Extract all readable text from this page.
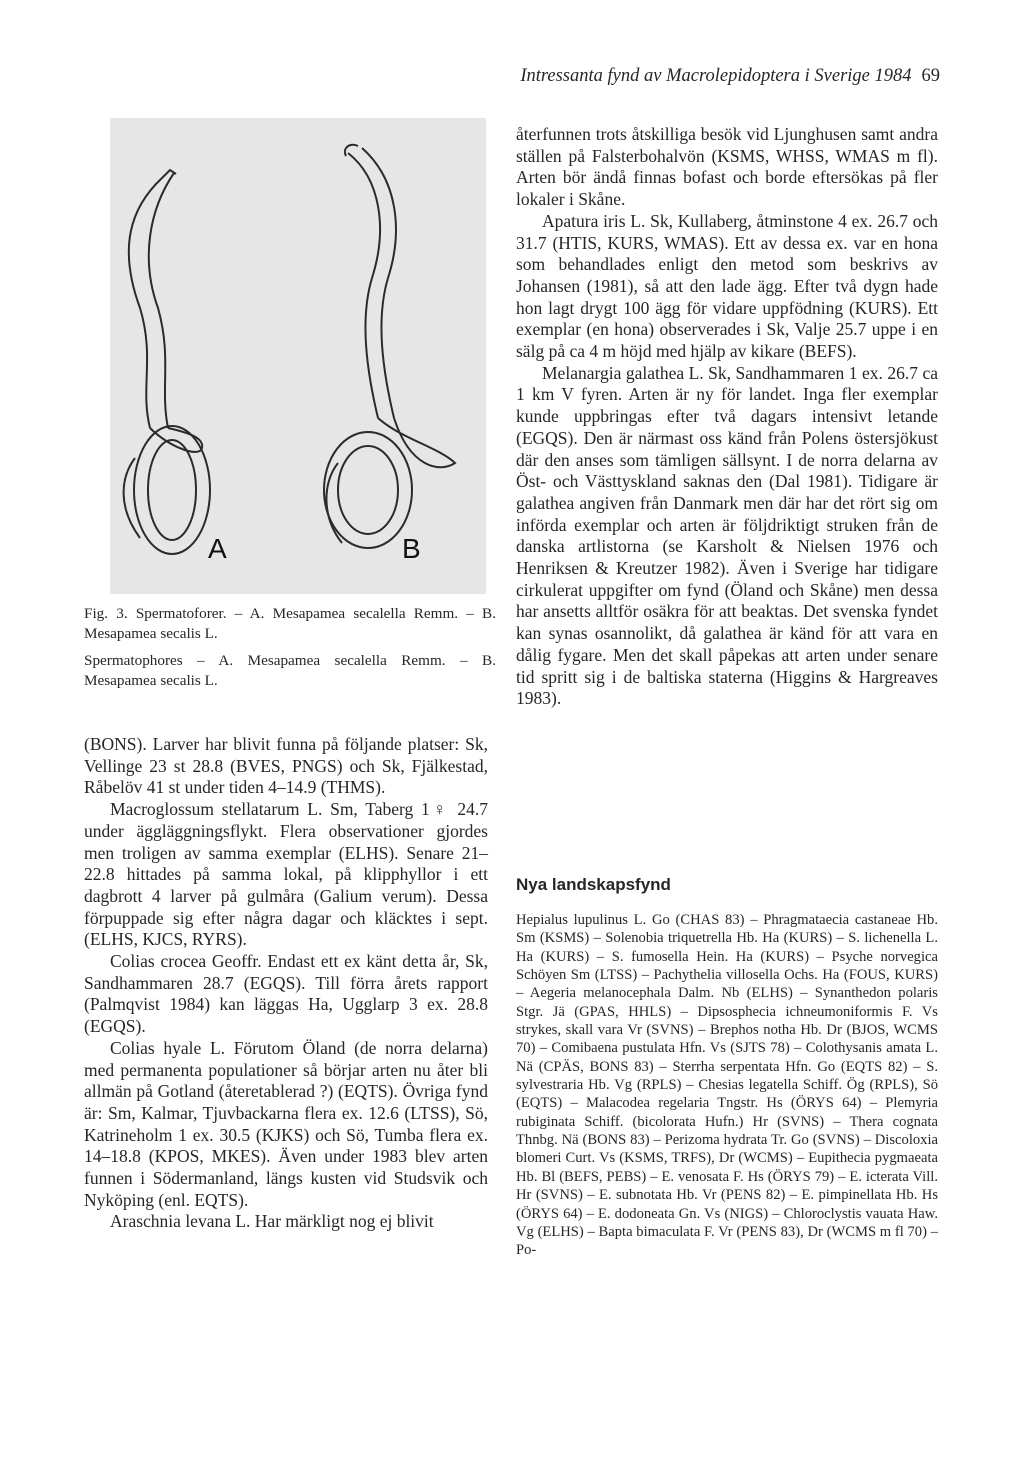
Intressanta fynd av Macrolepidoptera i Sverige 1984 69
A	B

Fig. 3. Spermatoforer. – A. Mesapamea secalella Remm. – B. Mesapamea secalis L.

Spermatophores – A. Mesapamea secalella Remm. – B. Mesapamea secalis L.

(BONS). Larver har blivit funna på följande platser: Sk, Vellinge 23 st 28.8 (BVES, PNGS) och Sk, Fjälkestad, Råbelöv 41 st under tiden 4–14.9 (THMS).

Macroglossum stellatarum L. Sm, Taberg 1♀ 24.7 under äggläggningsflykt. Flera observationer gjordes men troligen av samma exemplar (ELHS). Senare 21–22.8 hittades på samma lokal, på klipphyllor i ett dagbrott 4 larver på gulmåra (Galium verum). Dessa förpuppade sig efter några dagar och kläcktes i sept. (ELHS, KJCS, RYRS).

Colias crocea Geoffr. Endast ett ex känt detta år, Sk, Sandhammaren 28.7 (EGQS). Till förra årets rapport (Palmqvist 1984) kan läggas Ha, Ugglarp 3 ex. 28.8 (EGQS).

Colias hyale L. Förutom Öland (de norra delarna) med permanenta populationer så börjar arten nu åter bli allmän på Gotland (återetablerad ?) (EQTS). Övriga fynd är: Sm, Kalmar, Tjuvbackarna flera ex. 12.6 (LTSS), Sö, Katrineholm 1 ex. 30.5 (KJKS) och Sö, Tumba flera ex. 14–18.8 (KPOS, MKES). Även under 1983 blev arten funnen i Södermanland, längs kusten vid Studsvik och Nyköping (enl. EQTS).

Araschnia levana L. Har märkligt nog ej blivit

återfunnen trots åtskilliga besök vid Ljunghusen samt andra ställen på Falsterbohalvön (KSMS, WHSS, WMAS m fl). Arten bör ändå finnas bofast och borde eftersökas på fler lokaler i Skåne.

Apatura iris L. Sk, Kullaberg, åtminstone 4 ex. 26.7 och 31.7 (HTIS, KURS, WMAS). Ett av dessa ex. var en hona som behandlades enligt den metod som beskrivs av Johansen (1981), så att den lade ägg. Efter två dygn hade hon lagt drygt 100 ägg för vidare uppfödning (KURS). Ett exemplar (en hona) observerades i Sk, Valje 25.7 uppe i en sälg på ca 4 m höjd med hjälp av kikare (BEFS).

Melanargia galathea L. Sk, Sandhammaren 1 ex. 26.7 ca 1 km V fyren. Arten är ny för landet. Inga fler exemplar kunde uppbringas efter två dagars intensivt letande (EGQS). Den är närmast oss känd från Polens östersjökust där den anses som tämligen sällsynt. I de norra delarna av Öst- och Västtyskland saknas den (Dal 1981). Tidigare är galathea angiven från Danmark men där har det rört sig om införda exemplar och arten är följdriktigt struken från de danska artlistorna (se Karsholt & Nielsen 1976 och Henriksen & Kreutzer 1982). Även i Sverige har tidigare cirkulerat uppgifter om fynd (Öland och Skåne) men dessa har ansetts alltför osäkra för att beaktas. Det svenska fyndet kan synas osannolikt, då galathea är känd för att vara en dålig fygare. Men det skall påpekas att arten under senare tid spritt sig i de baltiska staterna (Higgins & Hargreaves 1983).

Nya landskapsfynd

Hepialus lupulinus L. Go (CHAS 83) – Phragmataecia castaneae Hb. Sm (KSMS) – Solenobia triquetrella Hb. Ha (KURS) – S. lichenella L. Ha (KURS) – S. fumosella Hein. Ha (KURS) – Psyche norvegica Schöyen Sm (LTSS) – Pachythelia villosella Ochs. Ha (FOUS, KURS) – Aegeria melanocephala Dalm. Nb (ELHS) – Synanthedon polaris Stgr. Jä (GPAS, HHLS) – Dipsosphecia ichneumoniformis F. Vs strykes, skall vara Vr (SVNS) – Brephos notha Hb. Dr (BJOS, WCMS 70) – Comibaena pustulata Hfn. Vs (SJTS 78) – Colothysanis amata L. Nä (CPÄS, BONS 83) – Sterrha serpentata Hfn. Go (EQTS 82) – S. sylvestraria Hb. Vg (RPLS) – Chesias legatella Schiff. Ög (RPLS), Sö (EQTS) – Malacodea regelaria Tngstr. Hs (ÖRYS 64) – Plemyria rubiginata Schiff. (bicolorata Hufn.) Hr (SVNS) – Thera cognata Thnbg. Nä (BONS 83) – Perizoma hydrata Tr. Go (SVNS) – Discoloxia blomeri Curt. Vs (KSMS, TRFS), Dr (WCMS) – Eupithecia pygmaeata Hb. Bl (BEFS, PEBS) – E. venosata F. Hs (ÖRYS 79) – E. icterata Vill. Hr (SVNS) – E. subnotata Hb. Vr (PENS 82) – E. pimpinellata Hb. Hs (ÖRYS 64) – E. dodoneata Gn. Vs (NIGS) – Chloroclystis vauata Haw. Vg (ELHS) – Bapta bimaculata F. Vr (PENS 83), Dr (WCMS m fl 70) – Po-
